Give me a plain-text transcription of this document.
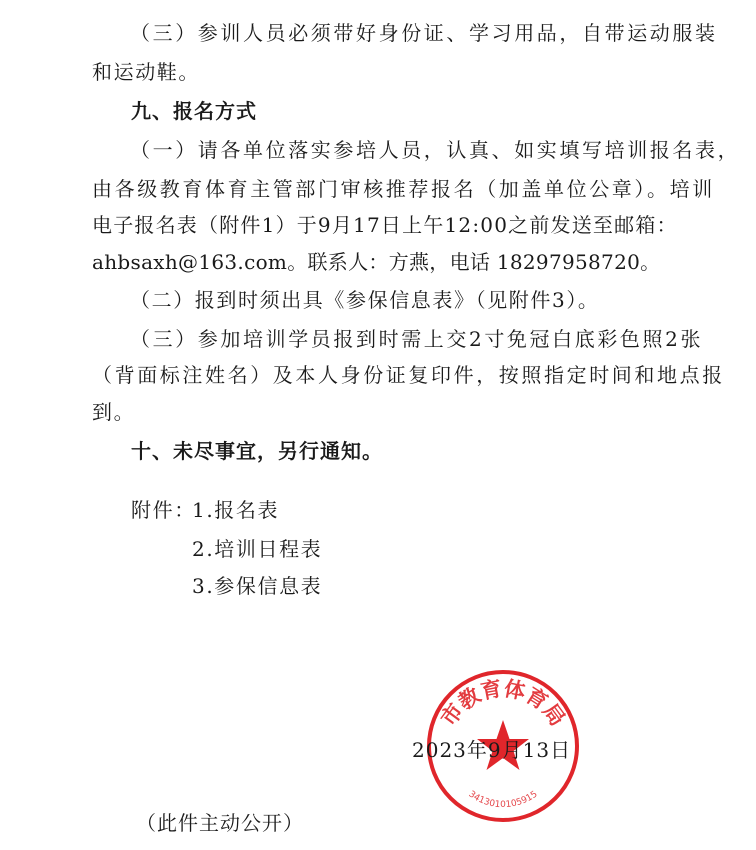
（三）参训人员必须带好身份证、学习用品，自带运动服装
和运动鞋。
九、报名方式
（一）请各单位落实参培人员，认真、如实填写培训报名表，
由各级教育体育主管部门审核推荐报名（加盖单位公章）。培训
电子报名表（附件1）于9月17日上午12:00之前发送至邮箱：
ahbsaxh@163.com。联系人：方燕，电话 18297958720。
（二）报到时须出具《参保信息表》（见附件3）。
（三）参加培训学员报到时需上交2寸免冠白底彩色照2张
（背面标注姓名）及本人身份证复印件，按照指定时间和地点报
到。
十、未尽事宜，另行通知。
附件：
1.报名表
2.培训日程表
3.参保信息表
市教育体育局
3413010105915
2023年9月13日
（此件主动公开）
